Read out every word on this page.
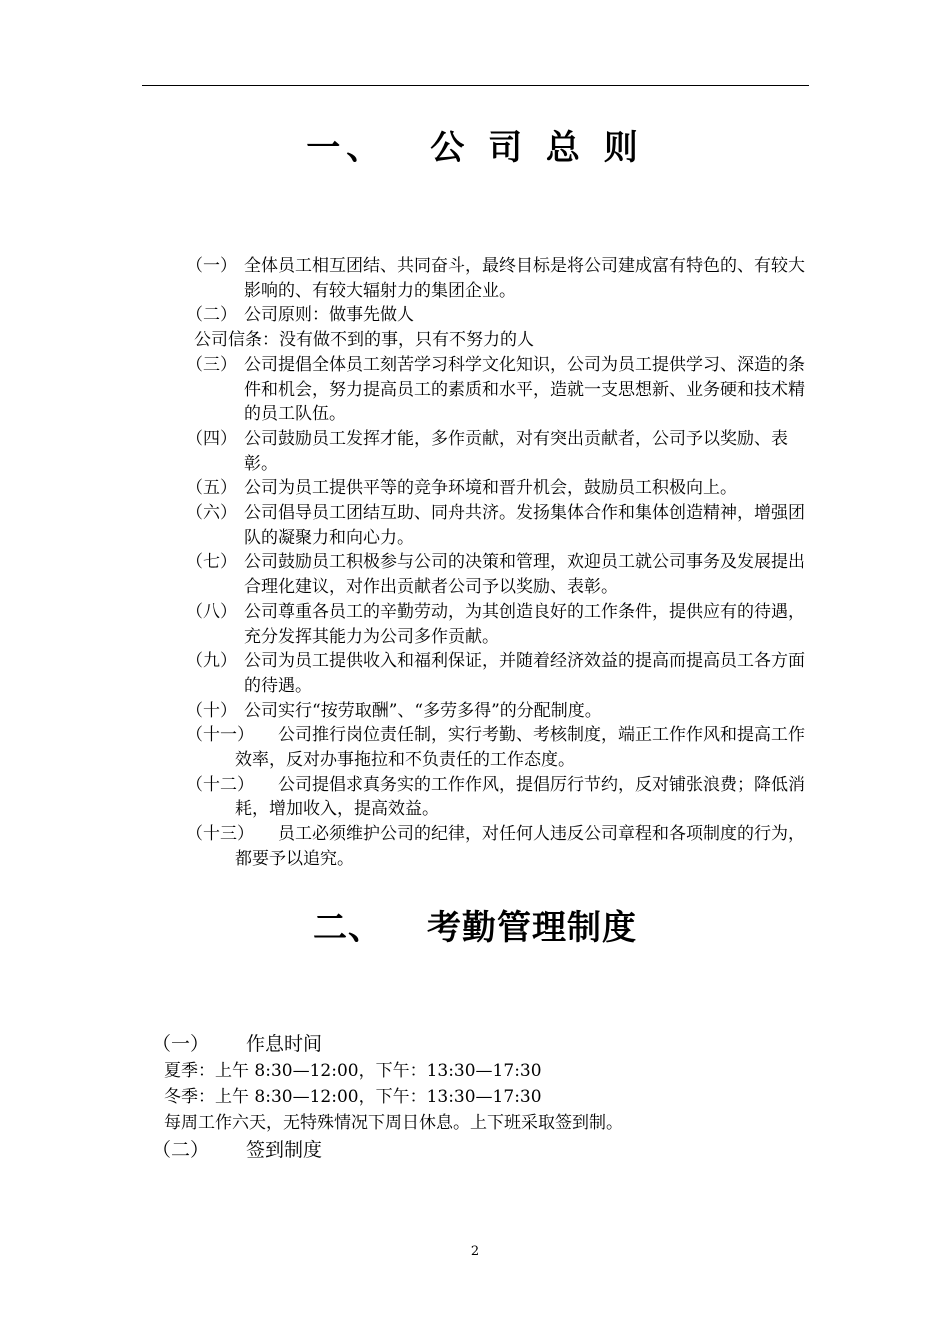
一、 公 司 总 则
（一） 全体员工相互团结、共同奋斗，最终目标是将公司建成富有特色的、有较大影响的、有较大辐射力的集团企业。
（二） 公司原则：做事先做人
公司信条：没有做不到的事，只有不努力的人
（三） 公司提倡全体员工刻苦学习科学文化知识，公司为员工提供学习、深造的条件和机会，努力提高员工的素质和水平，造就一支思想新、业务硬和技术精的员工队伍。
（四） 公司鼓励员工发挥才能，多作贡献，对有突出贡献者，公司予以奖励、表彰。
（五） 公司为员工提供平等的竞争环境和晋升机会，鼓励员工积极向上。
（六） 公司倡导员工团结互助、同舟共济。发扬集体合作和集体创造精神，增强团队的凝聚力和向心力。
（七） 公司鼓励员工积极参与公司的决策和管理，欢迎员工就公司事务及发展提出合理化建议，对作出贡献者公司予以奖励、表彰。
（八） 公司尊重各员工的辛勤劳动，为其创造良好的工作条件，提供应有的待遇，充分发挥其能力为公司多作贡献。
（九） 公司为员工提供收入和福利保证，并随着经济效益的提高而提高员工各方面的待遇。
（十） 公司实行“按劳取酬”、“多劳多得”的分配制度。
（十一）	公司推行岗位责任制，实行考勤、考核制度，端正工作作风和提高工作效率，反对办事拖拉和不负责任的工作态度。
（十二）	公司提倡求真务实的工作作风，提倡厉行节约，反对铺张浪费；降低消耗，增加收入，提高效益。
（十三）	员工必须维护公司的纪律，对任何人违反公司章程和各项制度的行为，都要予以追究。
二、 考勤管理制度
（一）	作息时间
夏季：上午 8:30—12:00，下午：13:30—17:30
冬季：上午 8:30—12:00，下午：13:30—17:30
每周工作六天，无特殊情况下周日休息。上下班采取签到制。
（二）	签到制度
2
